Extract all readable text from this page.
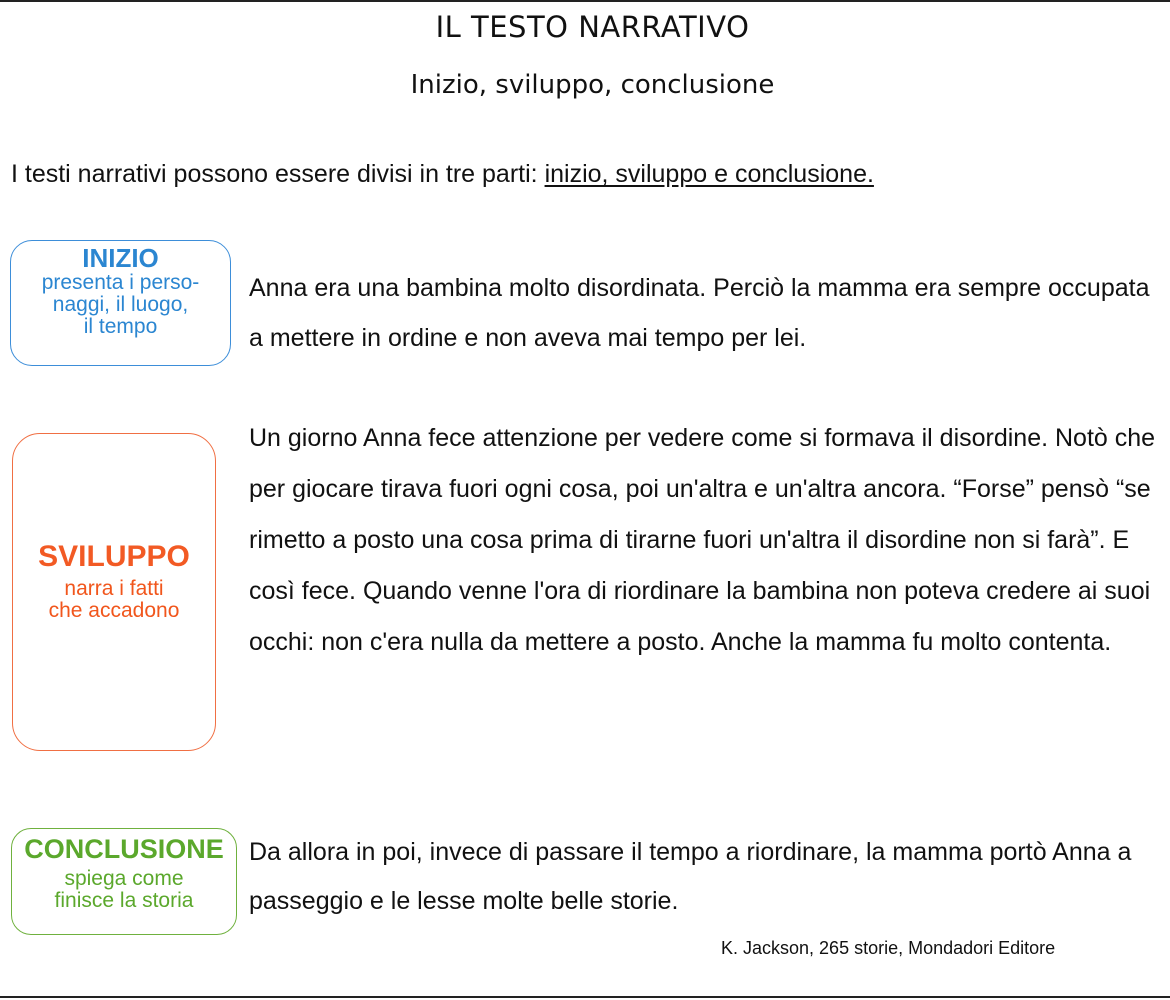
IL TESTO NARRATIVO
Inizio, sviluppo, conclusione
I testi narrativi possono essere divisi in tre parti: inizio, sviluppo e conclusione.
INIZIO
presenta i perso-
naggi, il luogo,
il tempo
Anna era una bambina molto disordinata. Perciò la mamma era sempre occupata a mettere in ordine e non aveva mai tempo per lei.
SVILUPPO
narra i fatti
che accadono
Un giorno Anna fece attenzione per vedere come si formava il disordine. Notò che per giocare tirava fuori ogni cosa, poi un'altra e un'altra ancora. “Forse” pensò “se rimetto a posto una cosa prima di tirarne fuori un'altra il disordine non si farà”. E così fece. Quando venne l'ora di riordinare la bambina non poteva credere ai suoi occhi: non c'era nulla da mettere a posto. Anche la mamma fu molto contenta.
CONCLUSIONE
spiega come
finisce la storia
Da allora in poi, invece di passare il tempo a riordinare, la mamma portò Anna a passeggio e le lesse molte belle storie.
K. Jackson, 265 storie, Mondadori Editore
